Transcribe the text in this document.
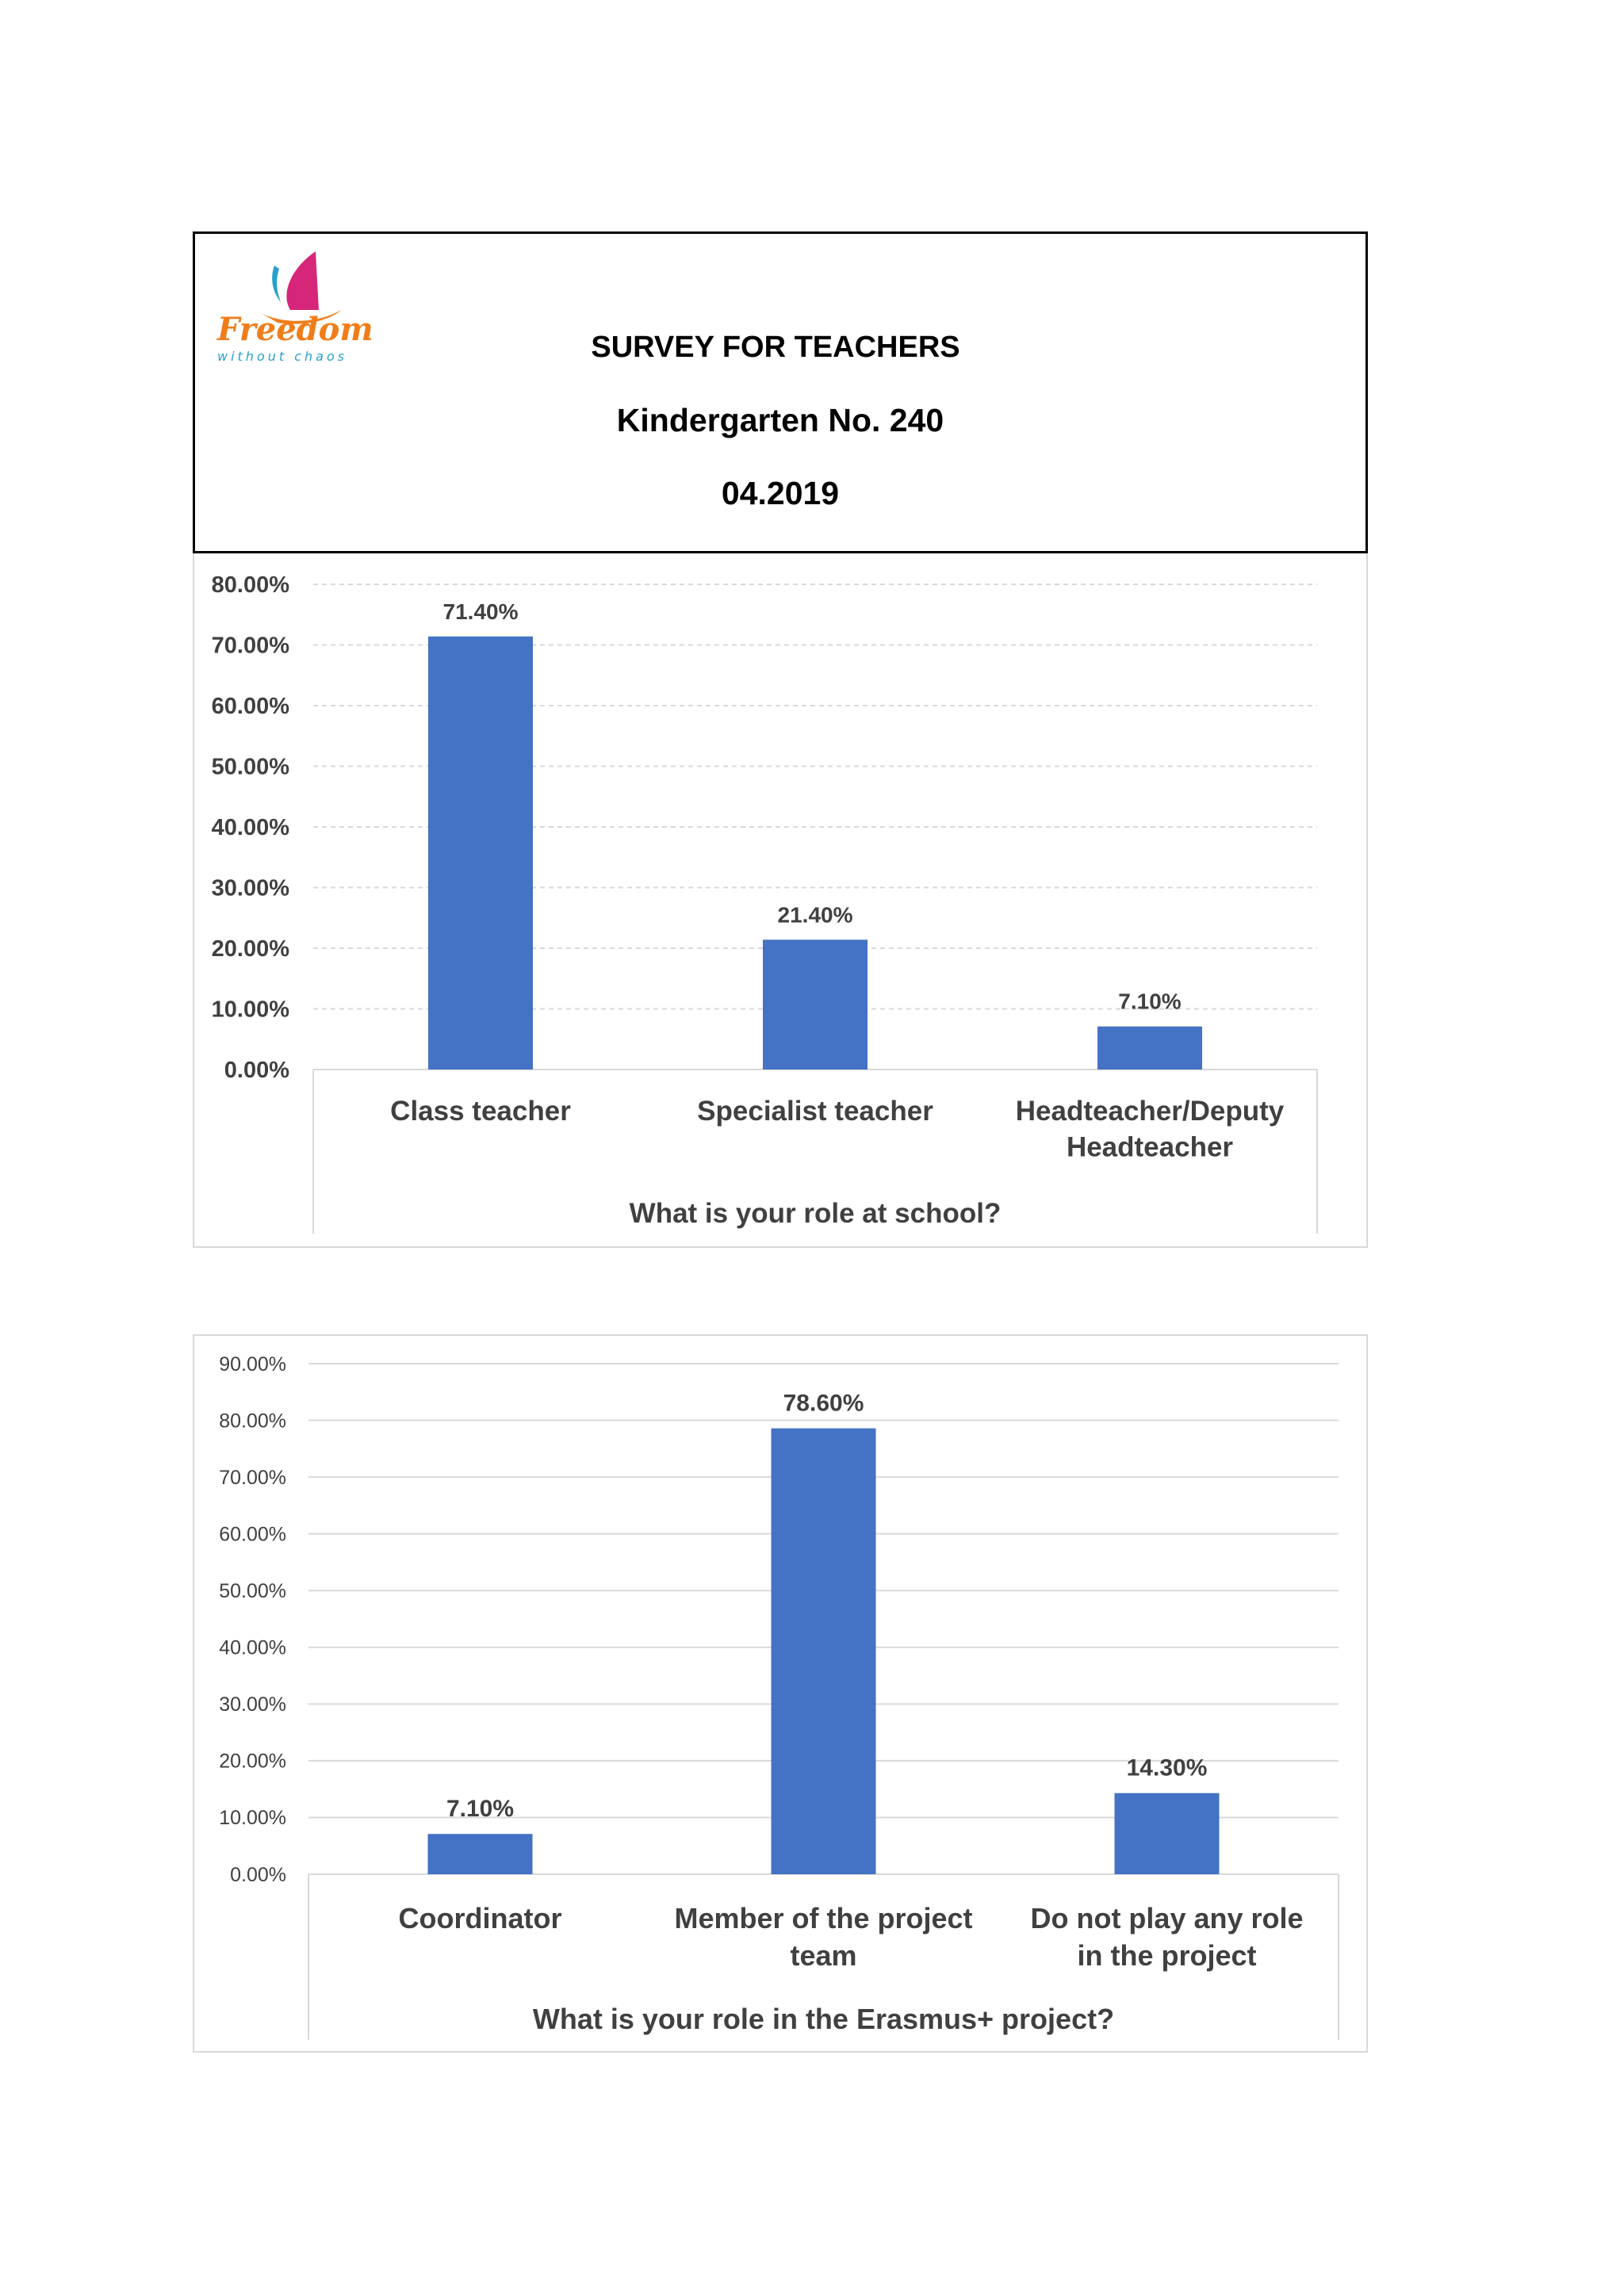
Freedom
without chaos	SURVEY FOR TEACHERS
Kindergarten No. 240
04.2019
0.00%
10.00%
20.00%
30.00%
40.00%
50.00%
60.00%
70.00%
80.00%
71.40%
Class teacher
21.40%
Specialist teacher
7.10%
Headteacher/Deputy Headteacher
What is your role at school?
0.00%
10.00%
20.00%
30.00%
40.00%
50.00%
60.00%
70.00%
80.00%
90.00%
7.10%
Coordinator
78.60%
Member of the project team
14.30%
Do not play any role in the project
What is your role in the Erasmus+ project?
